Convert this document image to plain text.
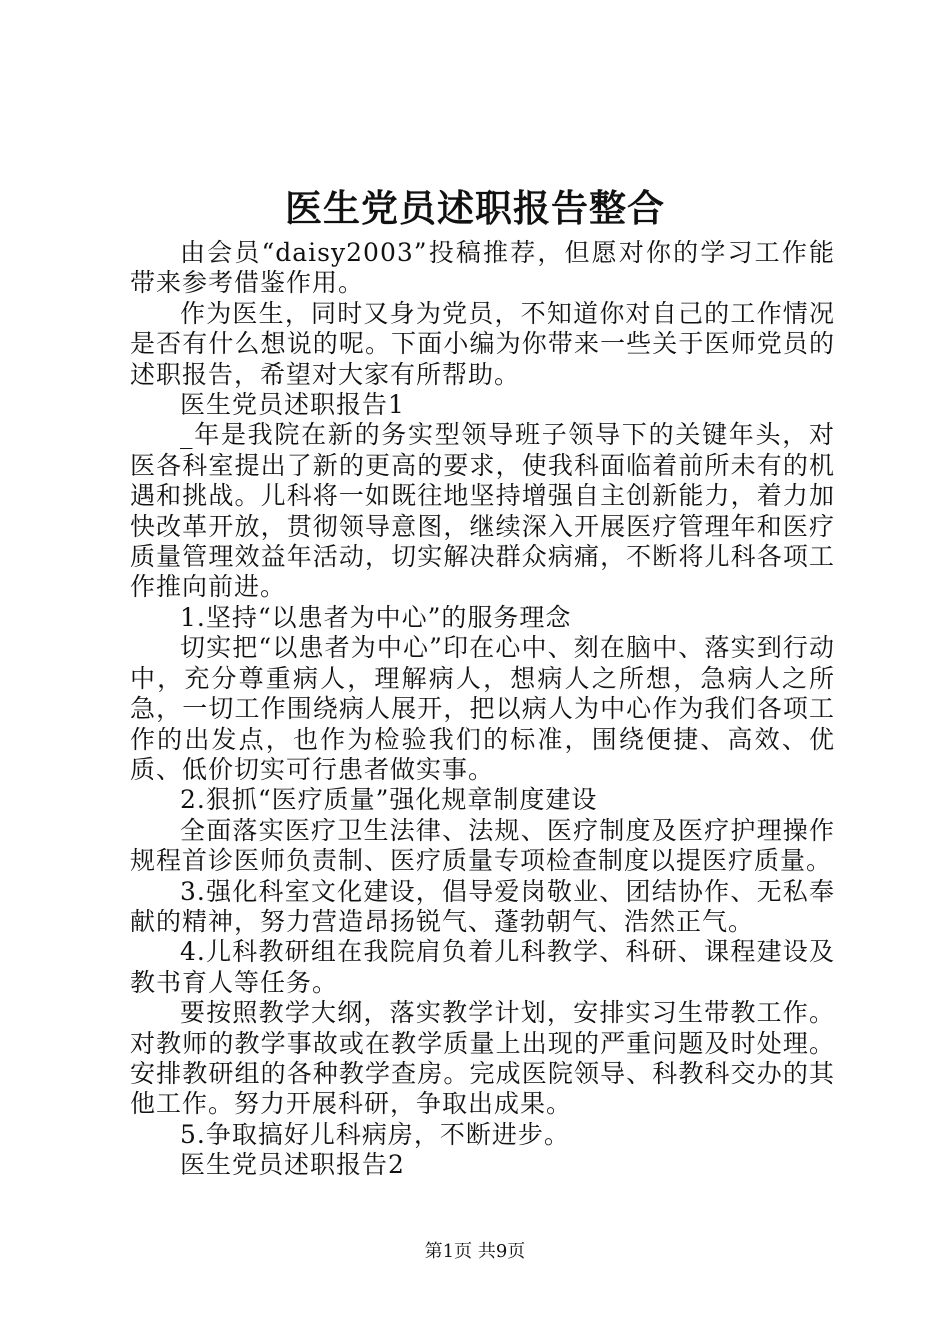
医生党员述职报告整合

由会员“daisy2003”投稿推荐，但愿对你的学习工作能带来参考借鉴作用。

作为医生，同时又身为党员，不知道你对自己的工作情况是否有什么想说的呢。下面小编为你带来一些关于医师党员的述职报告，希望对大家有所帮助。

医生党员述职报告1

_年是我院在新的务实型领导班子领导下的关键年头，对医各科室提出了新的更高的要求，使我科面临着前所未有的机遇和挑战。儿科将一如既往地坚持增强自主创新能力，着力加快改革开放，贯彻领导意图，继续深入开展医疗管理年和医疗质量管理效益年活动，切实解决群众病痛，不断将儿科各项工作推向前进。

1.坚持“以患者为中心”的服务理念

切实把“以患者为中心”印在心中、刻在脑中、落实到行动中，充分尊重病人，理解病人，想病人之所想，急病人之所急，一切工作围绕病人展开，把以病人为中心作为我们各项工作的出发点，也作为检验我们的标准，围绕便捷、高效、优质、低价切实可行患者做实事。

2.狠抓“医疗质量”强化规章制度建设

全面落实医疗卫生法律、法规、医疗制度及医疗护理操作规程首诊医师负责制、医疗质量专项检查制度以提医疗质量。

3.强化科室文化建设，倡导爱岗敬业、团结协作、无私奉献的精神，努力营造昂扬锐气、蓬勃朝气、浩然正气。

4.儿科教研组在我院肩负着儿科教学、科研、课程建设及教书育人等任务。

要按照教学大纲，落实教学计划，安排实习生带教工作。对教师的教学事故或在教学质量上出现的严重问题及时处理。安排教研组的各种教学查房。完成医院领导、科教科交办的其他工作。努力开展科研，争取出成果。

5.争取搞好儿科病房，不断进步。

医生党员述职报告2

第1页 共9页
